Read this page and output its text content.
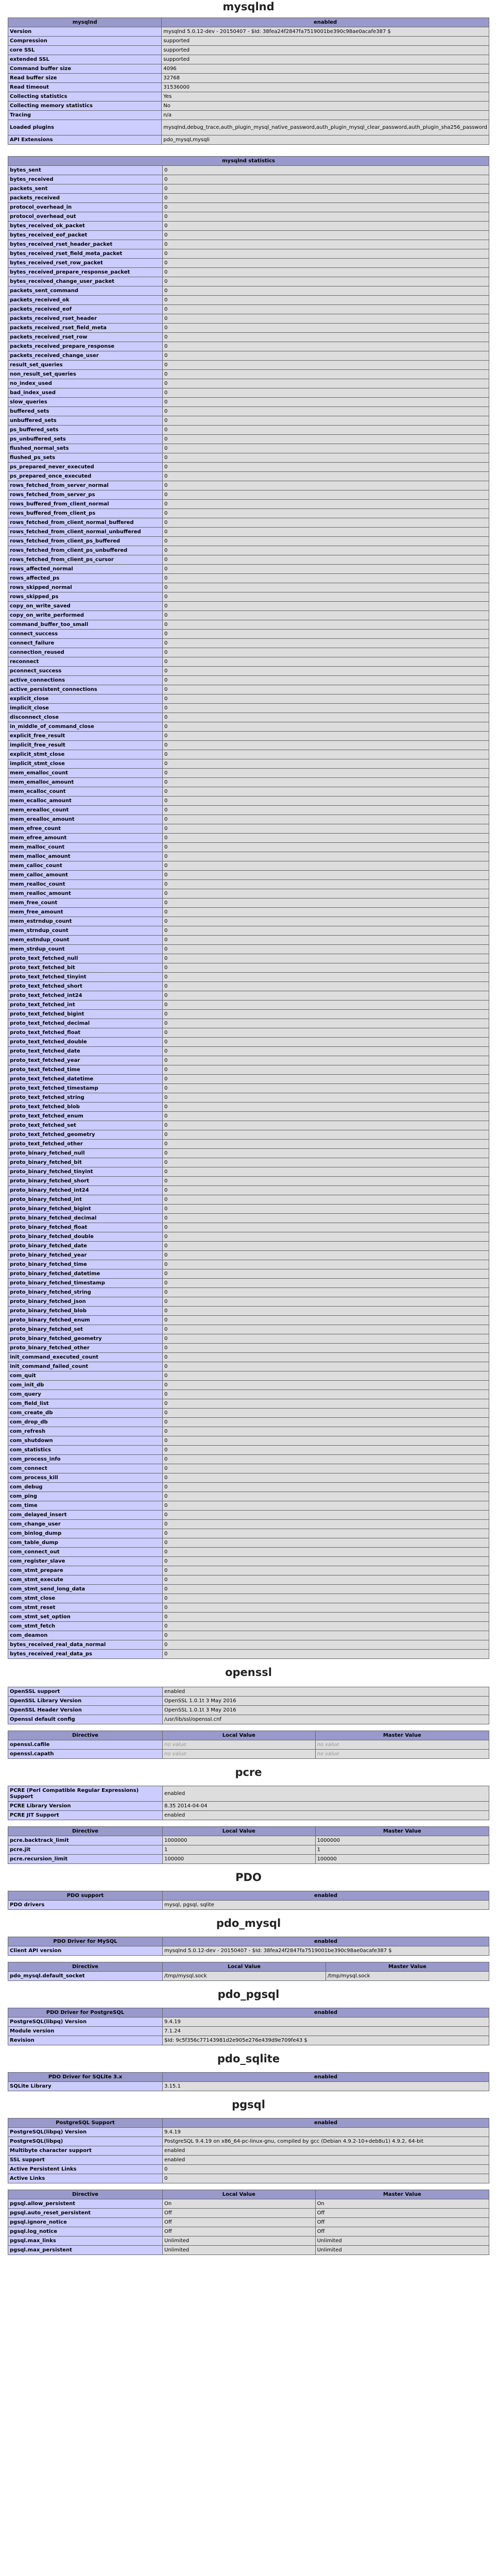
mysqlnd
mysqlnd	enabled
Version	mysqlnd 5.0.12-dev - 20150407 - $Id: 38fea24f2847fa7519001be390c98ae0acafe387 $
Compression	supported
core SSL	supported
extended SSL	supported
Command buffer size	4096
Read buffer size	32768
Read timeout	31536000
Collecting statistics	Yes
Collecting memory statistics	No
Tracing	n/a
Loaded plugins	mysqlnd,debug_trace,auth_plugin_mysql_native_password,auth_plugin_mysql_clear_password,auth_plugin_sha256_password
API Extensions	pdo_mysql,mysqli
mysqlnd statistics	
bytes_sent	0
bytes_received	0
packets_sent	0
packets_received	0
protocol_overhead_in	0
protocol_overhead_out	0
bytes_received_ok_packet	0
bytes_received_eof_packet	0
bytes_received_rset_header_packet	0
bytes_received_rset_field_meta_packet	0
bytes_received_rset_row_packet	0
bytes_received_prepare_response_packet	0
bytes_received_change_user_packet	0
packets_sent_command	0
packets_received_ok	0
packets_received_eof	0
packets_received_rset_header	0
packets_received_rset_field_meta	0
packets_received_rset_row	0
packets_received_prepare_response	0
packets_received_change_user	0
result_set_queries	0
non_result_set_queries	0
no_index_used	0
bad_index_used	0
slow_queries	0
buffered_sets	0
unbuffered_sets	0
ps_buffered_sets	0
ps_unbuffered_sets	0
flushed_normal_sets	0
flushed_ps_sets	0
ps_prepared_never_executed	0
ps_prepared_once_executed	0
rows_fetched_from_server_normal	0
rows_fetched_from_server_ps	0
rows_buffered_from_client_normal	0
rows_buffered_from_client_ps	0
rows_fetched_from_client_normal_buffered	0
rows_fetched_from_client_normal_unbuffered	0
rows_fetched_from_client_ps_buffered	0
rows_fetched_from_client_ps_unbuffered	0
rows_fetched_from_client_ps_cursor	0
rows_affected_normal	0
rows_affected_ps	0
rows_skipped_normal	0
rows_skipped_ps	0
copy_on_write_saved	0
copy_on_write_performed	0
command_buffer_too_small	0
connect_success	0
connect_failure	0
connection_reused	0
reconnect	0
pconnect_success	0
active_connections	0
active_persistent_connections	0
explicit_close	0
implicit_close	0
disconnect_close	0
in_middle_of_command_close	0
explicit_free_result	0
implicit_free_result	0
explicit_stmt_close	0
implicit_stmt_close	0
mem_emalloc_count	0
mem_emalloc_amount	0
mem_ecalloc_count	0
mem_ecalloc_amount	0
mem_erealloc_count	0
mem_erealloc_amount	0
mem_efree_count	0
mem_efree_amount	0
mem_malloc_count	0
mem_malloc_amount	0
mem_calloc_count	0
mem_calloc_amount	0
mem_realloc_count	0
mem_realloc_amount	0
mem_free_count	0
mem_free_amount	0
mem_estrndup_count	0
mem_strndup_count	0
mem_estndup_count	0
mem_strdup_count	0
proto_text_fetched_null	0
proto_text_fetched_bit	0
proto_text_fetched_tinyint	0
proto_text_fetched_short	0
proto_text_fetched_int24	0
proto_text_fetched_int	0
proto_text_fetched_bigint	0
proto_text_fetched_decimal	0
proto_text_fetched_float	0
proto_text_fetched_double	0
proto_text_fetched_date	0
proto_text_fetched_year	0
proto_text_fetched_time	0
proto_text_fetched_datetime	0
proto_text_fetched_timestamp	0
proto_text_fetched_string	0
proto_text_fetched_blob	0
proto_text_fetched_enum	0
proto_text_fetched_set	0
proto_text_fetched_geometry	0
proto_text_fetched_other	0
proto_binary_fetched_null	0
proto_binary_fetched_bit	0
proto_binary_fetched_tinyint	0
proto_binary_fetched_short	0
proto_binary_fetched_int24	0
proto_binary_fetched_int	0
proto_binary_fetched_bigint	0
proto_binary_fetched_decimal	0
proto_binary_fetched_float	0
proto_binary_fetched_double	0
proto_binary_fetched_date	0
proto_binary_fetched_year	0
proto_binary_fetched_time	0
proto_binary_fetched_datetime	0
proto_binary_fetched_timestamp	0
proto_binary_fetched_string	0
proto_binary_fetched_json	0
proto_binary_fetched_blob	0
proto_binary_fetched_enum	0
proto_binary_fetched_set	0
proto_binary_fetched_geometry	0
proto_binary_fetched_other	0
init_command_executed_count	0
init_command_failed_count	0
com_quit	0
com_init_db	0
com_query	0
com_field_list	0
com_create_db	0
com_drop_db	0
com_refresh	0
com_shutdown	0
com_statistics	0
com_process_info	0
com_connect	0
com_process_kill	0
com_debug	0
com_ping	0
com_time	0
com_delayed_insert	0
com_change_user	0
com_binlog_dump	0
com_table_dump	0
com_connect_out	0
com_register_slave	0
com_stmt_prepare	0
com_stmt_execute	0
com_stmt_send_long_data	0
com_stmt_close	0
com_stmt_reset	0
com_stmt_set_option	0
com_stmt_fetch	0
com_deamon	0
bytes_received_real_data_normal	0
bytes_received_real_data_ps	0
openssl
OpenSSL support	enabled
OpenSSL Library Version	OpenSSL 1.0.1t 3 May 2016
OpenSSL Header Version	OpenSSL 1.0.1t 3 May 2016
Openssl default config	/usr/lib/ssl/openssl.cnf
Directive	Local Value	Master Value
openssl.cafile	no value	no value
openssl.capath	no value	no value
pcre
PCRE (Perl Compatible Regular Expressions) Support	enabled
PCRE Library Version	8.35 2014-04-04
PCRE JIT Support	enabled
Directive	Local Value	Master Value
pcre.backtrack_limit	1000000	1000000
pcre.jit	1	1
pcre.recursion_limit	100000	100000
PDO
PDO support	enabled
PDO drivers	mysql, pgsql, sqlite
pdo_mysql
PDO Driver for MySQL	enabled
Client API version	mysqlnd 5.0.12-dev - 20150407 - $Id: 38fea24f2847fa7519001be390c98ae0acafe387 $
Directive	Local Value	Master Value
pdo_mysql.default_socket	/tmp/mysql.sock	/tmp/mysql.sock
pdo_pgsql
PDO Driver for PostgreSQL	enabled
PostgreSQL(libpq) Version	9.4.19
Module version	7.1.24
Revision	$Id: 9c5f356c77143981d2e905e276e439d9e709fe43 $
pdo_sqlite
PDO Driver for SQLite 3.x	enabled
SQLite Library	3.15.1
pgsql
PostgreSQL Support	enabled
PostgreSQL(libpq) Version	9.4.19
PostgreSQL(libpq)	PostgreSQL 9.4.19 on x86_64-pc-linux-gnu, compiled by gcc (Debian 4.9.2-10+deb8u1) 4.9.2, 64-bit
Multibyte character support	enabled
SSL support	enabled
Active Persistent Links	0
Active Links	0
Directive	Local Value	Master Value
pgsql.allow_persistent	On	On
pgsql.auto_reset_persistent	Off	Off
pgsql.ignore_notice	Off	Off
pgsql.log_notice	Off	Off
pgsql.max_links	Unlimited	Unlimited
pgsql.max_persistent	Unlimited	Unlimited
